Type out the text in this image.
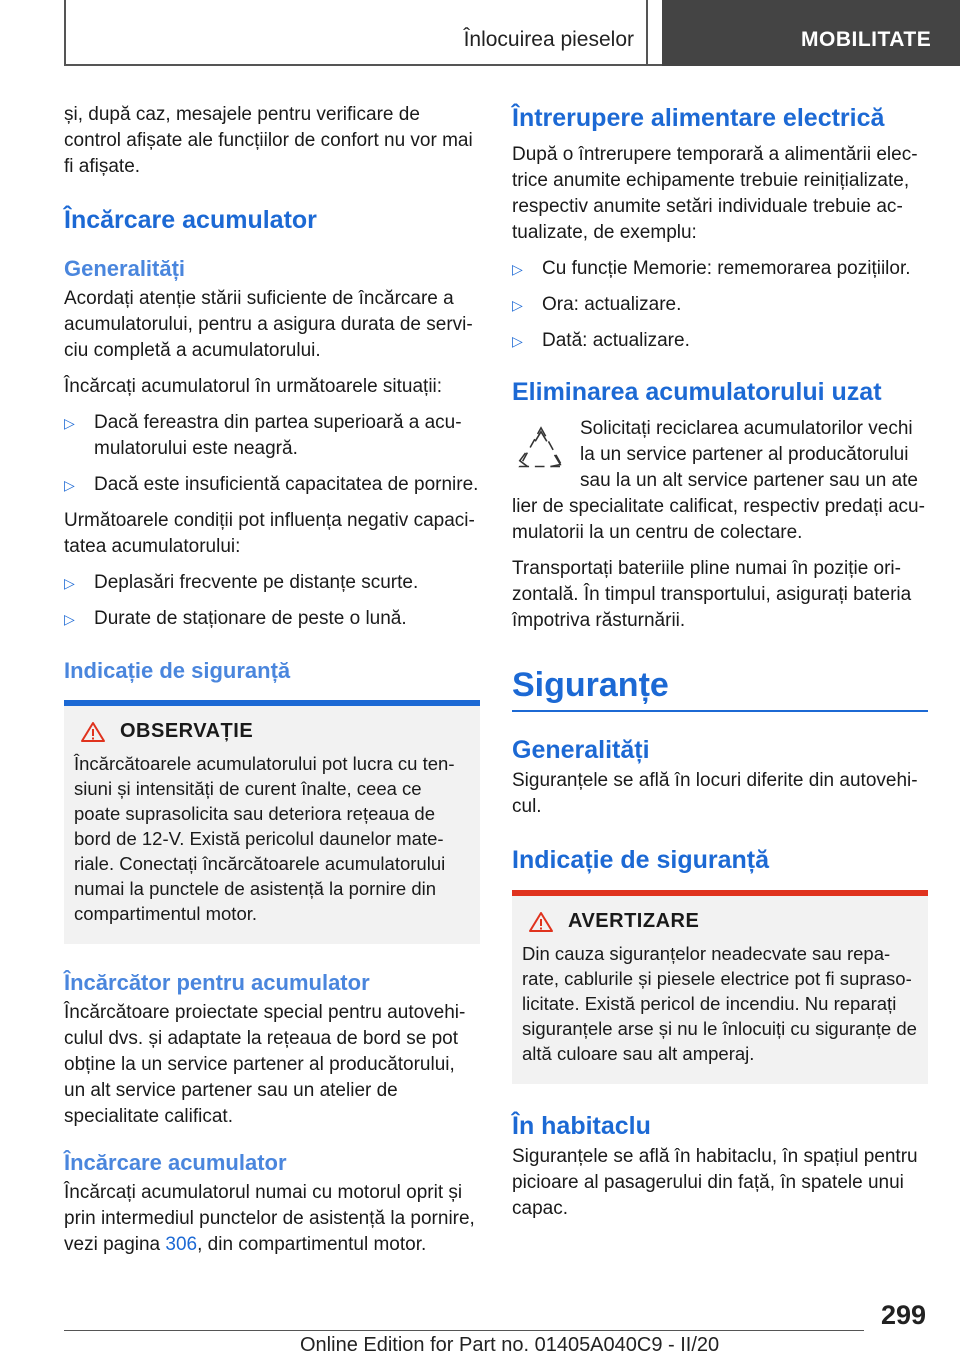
Înlocuirea pieselor	MOBILITATE

și, după caz, mesajele pentru verificare de control afișate ale funcțiilor de confort nu vor mai fi afișate.

Încărcare acumulator
Generalități

Acordați atenție stării suficiente de încărcare a acumulatorului, pentru a asigura durata de serviciu completă a acumulatorului.

Încărcați acumulatorul în următoarele situații:

▷ Dacă fereastra din partea superioară a acumulatorului este neagră.
▷ Dacă este insuficientă capacitatea de pornire.

Următoarele condiții pot influența negativ capacitatea acumulatorului:

▷ Deplasări frecvente pe distanțe scurte.
▷ Durate de staționare de peste o lună.
Indicație de siguranță
OBSERVAȚIE

Încărcătoarele acumulatorului pot lucra cu tensiuni și intensități de curent înalte, ceea ce poate suprasolicita sau deteriora rețeaua de bord de 12-V. Există pericolul daunelor materiale. Conectați încărcătoarele acumulatorului numai la punctele de asistență la pornire din compartimentul motor.

Încărcător pentru acumulator

Încărcătoare proiectate special pentru autovehiculul dvs. și adaptate la rețeaua de bord se pot obține la un service partener al producătorului, un alt service partener sau un atelier de specialitate calificat.

Încărcare acumulator

Încărcați acumulatorul numai cu motorul oprit și prin intermediul punctelor de asistență la pornire, vezi pagina 306, din compartimentul motor.

Întrerupere alimentare electrică

După o întrerupere temporară a alimentării electrice anumite echipamente trebuie reinițializate, respectiv anumite setări individuale trebuie actualizate, de exemplu:

▷ Cu funcție Memorie: rememorarea pozițiilor.
▷ Ora: actualizare.
▷ Dată: actualizare.
Eliminarea acumulatorului uzat

Solicitați reciclarea acumulatorilor vechi la un service partener al producătorului sau la un alt service partener sau un ate

lier de specialitate calificat, respectiv predați acumulatorii la un centru de colectare.

Transportați bateriile pline numai în poziție orizontală. În timpul transportului, asigurați bateria împotriva răsturnării.

Siguranțe
Generalități

Siguranțele se află în locuri diferite din autovehicul.

Indicație de siguranță
AVERTIZARE

Din cauza siguranțelor neadecvate sau reparate, cablurile și piesele electrice pot fi suprasolicitate. Există pericol de incendiu. Nu reparați siguranțele arse și nu le înlocuiți cu siguranțe de altă culoare sau alt amperaj.

În habitaclu

Siguranțele se află în habitaclu, în spațiul pentru picioare al pasagerului din față, în spatele unui capac.

299
Online Edition for Part no. 01405A040C9 - II/20
